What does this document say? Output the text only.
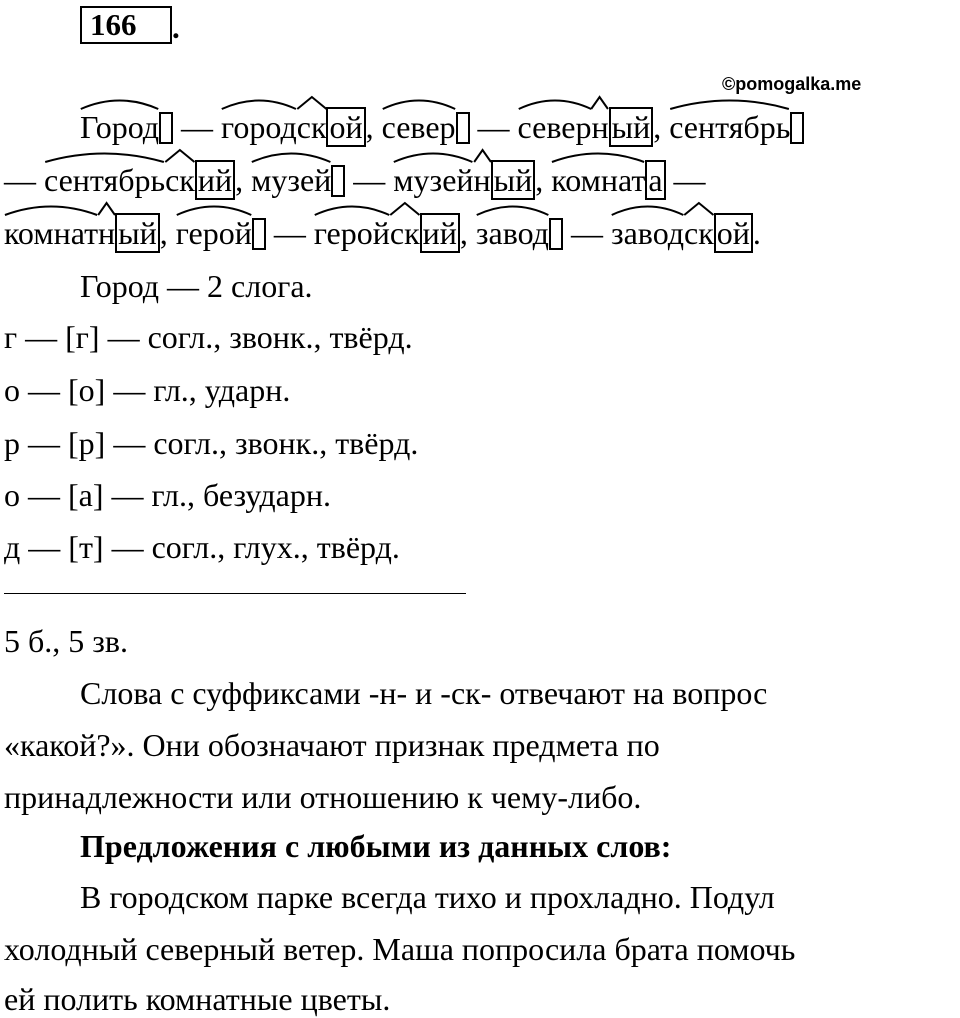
166	.
©pomogalka.me
Город —
город
ской,
север —
север
ный,
сентябрь
—
сентябрь
ский,
музей —
музей
ный,
комната —
комнат
ный,
герой —
герой
ский,
завод —
завод
ской.
Город — 2 слога.
г — [г] — согл., звонк., твёрд.
о — [о] — гл., ударн.
р — [р] — согл., звонк., твёрд.
о — [а] — гл., безударн.
д — [т] — согл., глух., твёрд.
5 б., 5 зв.
Слова с суффиксами -н- и -ск- отвечают на вопрос
«какой?». Они обозначают признак предмета по
принадлежности или отношению к чему-либо.
Предложения с любыми из данных слов:
В городском парке всегда тихо и прохладно. Подул
холодный северный ветер. Маша попросила брата помочь
ей полить комнатные цветы.
